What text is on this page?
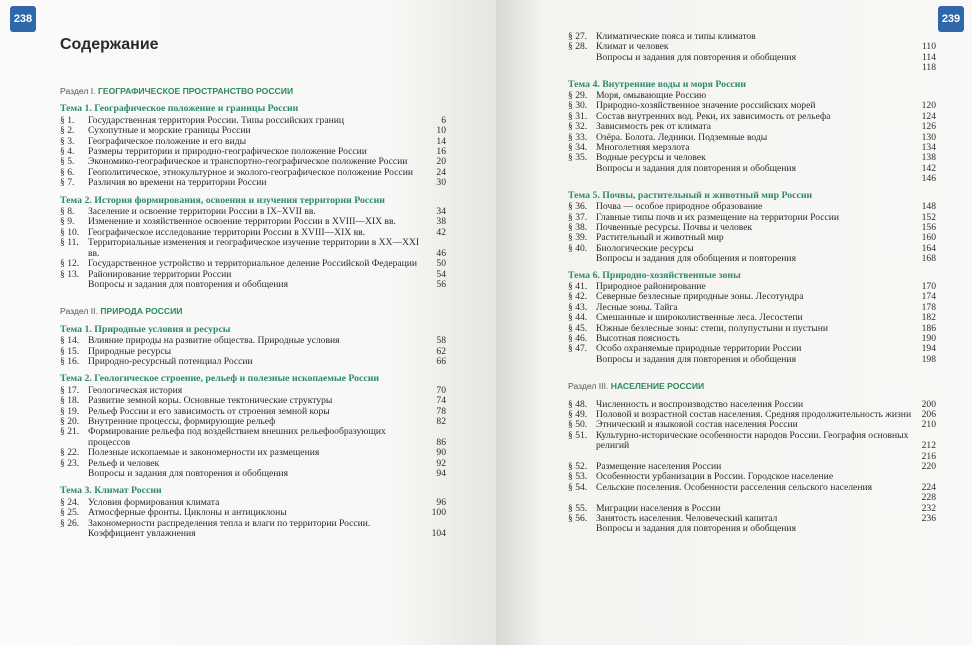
238
Содержание
Раздел I. ГЕОГРАФИЧЕСКОЕ ПРОСТРАНСТВО РОССИИ
Тема 1. Географическое положение и границы России
§ 1.	Государственная территория России. Типы российских границ	6
§ 2.	Сухопутные и морские границы России	10
§ 3.	Географическое положение и его виды	14
§ 4.	Размеры территории и природно-географическое положение России	16
§ 5.	Экономико-географическое и транспортно-географическое положение России	20
§ 6.	Геополитическое, этнокультурное и эколого-географическое положение России	24
§ 7.	Различия во времени на территории России	30
Тема 2. История формирования, освоения и изучения территории России
§ 8.	Заселение и освоение территории России в IX–XVII вв.	34
§ 9.	Изменение и хозяйственное освоение территории России в XVIII—XIX вв.	38
§ 10. Географическое исследование территории России в XVIII—XIX вв.	42
§ 11. Территориальные изменения и географическое изучение территории в XX—XXI вв.	46
§ 12. Государственное устройство и территориальное деление Российской Федерации	50
§ 13. Районирование территории России	54
Вопросы и задания для повторения и обобщения	56
Раздел II. ПРИРОДА РОССИИ
Тема 1. Природные условия и ресурсы
§ 14. Влияние природы на развитие общества. Природные условия	58
§ 15. Природные ресурсы	62
§ 16. Природно-ресурсный потенциал России	66
Тема 2. Геологическое строение, рельеф и полезные ископаемые России
§ 17. Геологическая история	70
§ 18. Развитие земной коры. Основные тектонические структуры	74
§ 19. Рельеф России и его зависимость от строения земной коры	78
§ 20. Внутренние процессы, формирующие рельеф	82
§ 21. Формирование рельефа под воздействием внешних рельефообразующих процессов	86
§ 22. Полезные ископаемые и закономерности их размещения	90
§ 23. Рельеф и человек	92
Вопросы и задания для повторения и обобщения	94
Тема 3. Климат России
§ 24. Условия формирования климата	96
§ 25. Атмосферные фронты. Циклоны и антициклоны	100
§ 26. Закономерности распределения тепла и влаги по территории России. Коэффициент увлажнения	104
239
§ 27. Климатические пояса и типы климатов
§ 28. Климат и человек	110
Вопросы и задания для повторения и обобщения	114
118
Тема 4. Внутренние воды и моря России
§ 29. Моря, омывающие Россию
§ 30. Природно-хозяйственное значение российских морей	120
§ 31. Состав внутренних вод. Реки, их зависимость от рельефа	124
§ 32. Зависимость рек от климата	126
§ 33. Озёра. Болота. Ледники. Подземные воды	130
§ 34. Многолетняя мерзлота	134
§ 35. Водные ресурсы и человек	138
Вопросы и задания для повторения и обобщения	142
146
Тема 5. Почвы, растительный и животный мир России
§ 36. Почва — особое природное образование	148
§ 37. Главные типы почв и их размещение на территории России	152
§ 38. Почвенные ресурсы. Почвы и человек	156
§ 39. Растительный и животный мир	160
§ 40. Биологические ресурсы	164
Вопросы и задания для обобщения и повторения	168
Тема 6. Природно-хозяйственные зоны
§ 41. Природное районирование	170
§ 42. Северные безлесные природные зоны. Лесотундра	174
§ 43. Лесные зоны. Тайга	178
§ 44. Смешанные и широколиственные леса. Лесостепи	182
§ 45. Южные безлесные зоны: степи, полупустыни и пустыни	186
§ 46. Высотная поясность	190
§ 47. Особо охраняемые природные территории России	194
Вопросы и задания для повторения и обобщения	198
Раздел III. НАСЕЛЕНИЕ РОССИИ
§ 48. Численность и воспроизводство населения России	200
§ 49. Половой и возрастной состав населения. Средняя продолжительность жизни	206
§ 50. Этнический и языковой состав населения России	210
§ 51. Культурно-исторические особенности народов России. География основных религий	212
216
§ 52. Размещение населения России	220
§ 53. Особенности урбанизации в России. Городское население
§ 54. Сельские поселения. Особенности расселения сельского населения	224
228
§ 55. Миграции населения в России	232
§ 56. Занятость населения. Человеческий капитал	236
Вопросы и задания для повторения и обобщения
